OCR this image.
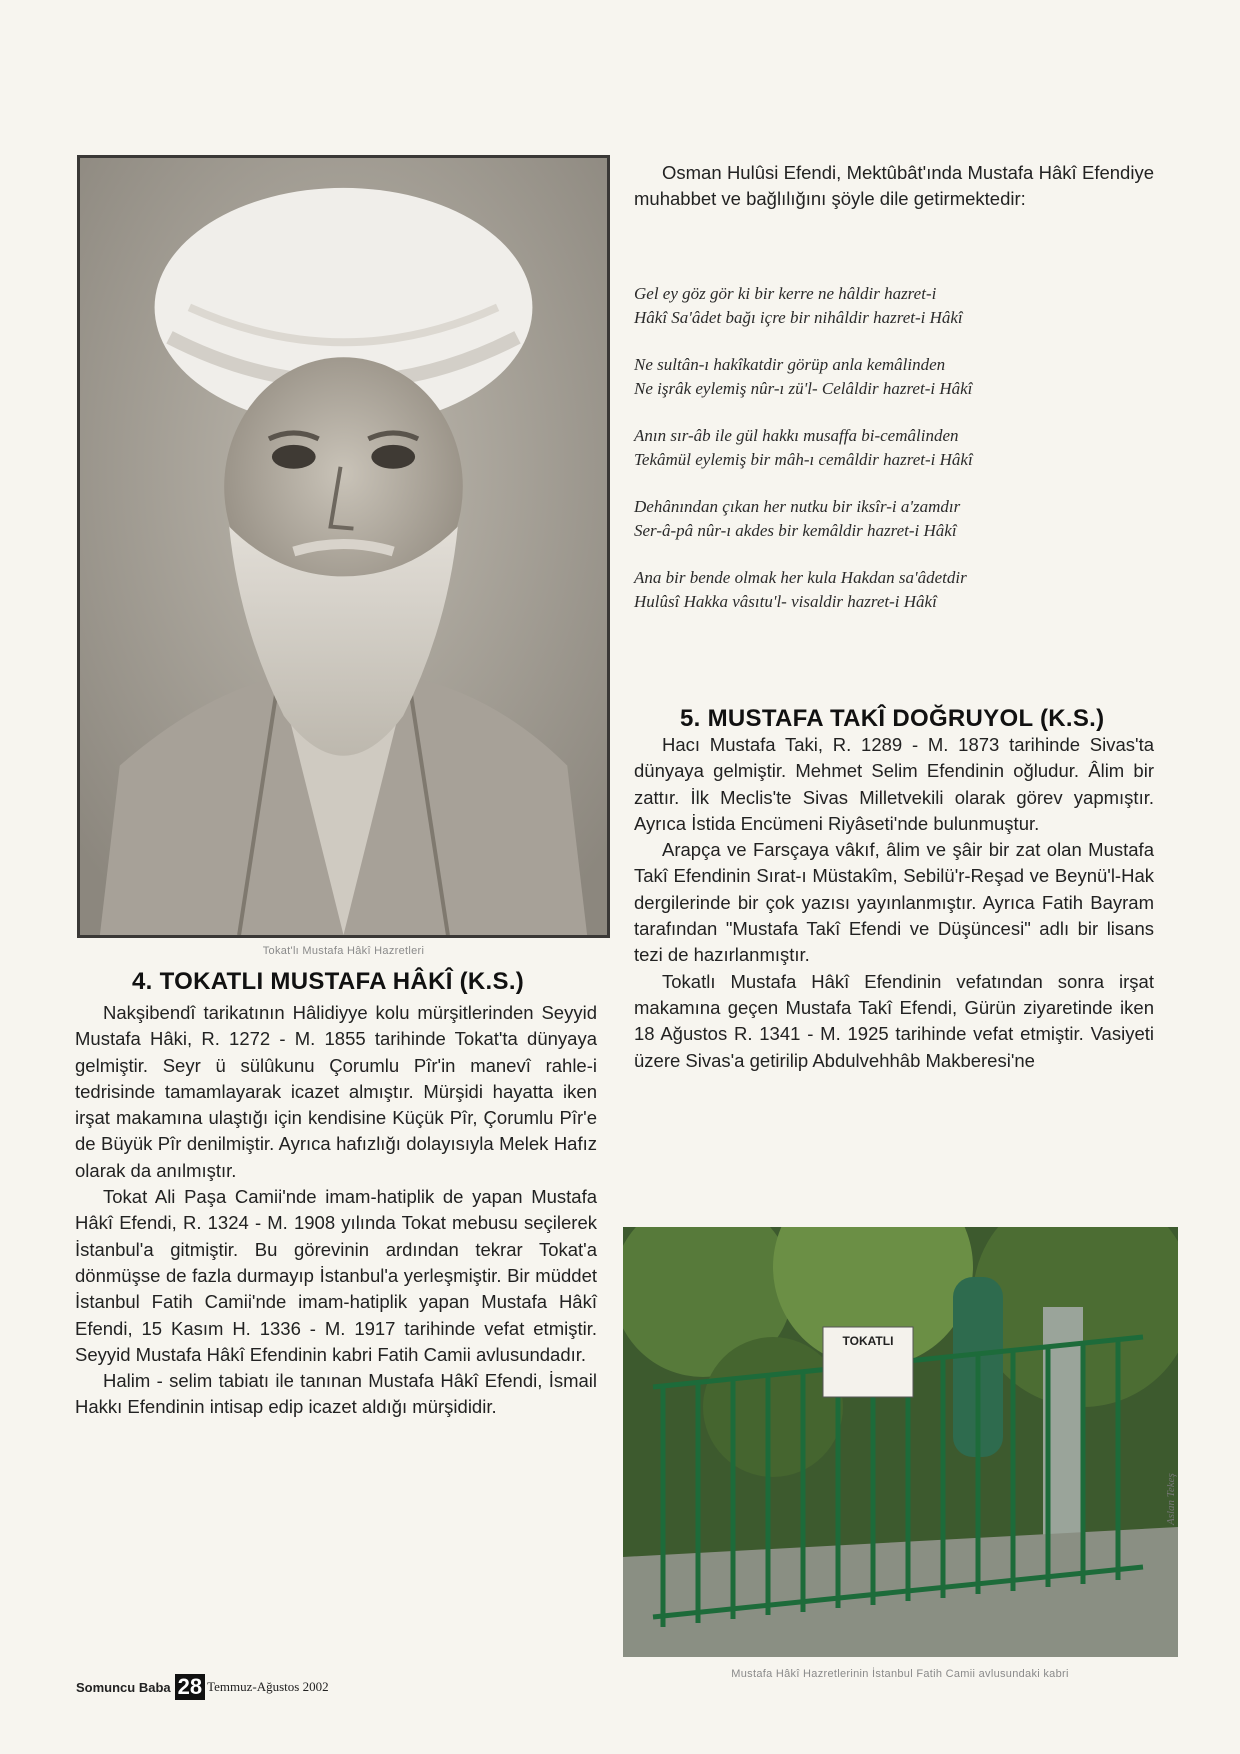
Tokat'lı Mustafa Hâkî Hazretleri
4. TOKATLI MUSTAFA HÂKÎ (K.S.)

Nakşibendî tarikatının Hâlidiyye kolu mürşitlerinden Seyyid Mustafa Hâki, R. 1272 - M. 1855 tarihinde Tokat'ta dünyaya gelmiştir. Seyr ü sülûkunu Çorumlu Pîr'in manevî rahle-i tedrisinde tamamlayarak icazet almıştır. Mürşidi hayatta iken irşat makamına ulaştığı için kendisine Küçük Pîr, Çorumlu Pîr'e de Büyük Pîr denilmiştir. Ayrıca hafızlığı dolayısıyla Melek Hafız olarak da anılmıştır.

Tokat Ali Paşa Camii'nde imam-hatiplik de yapan Mustafa Hâkî Efendi, R. 1324 - M. 1908 yılında Tokat mebusu seçilerek İstanbul'a gitmiştir. Bu görevinin ardından tekrar Tokat'a dönmüşse de fazla durmayıp İstanbul'a yerleşmiştir. Bir müddet İstanbul Fatih Camii'nde imam-hatiplik yapan Mustafa Hâkî Efendi, 15 Kasım H. 1336 - M. 1917 tarihinde vefat etmiştir. Seyyid Mustafa Hâkî Efendinin kabri Fatih Camii avlusundadır.

Halim - selim tabiatı ile tanınan Mustafa Hâkî Efendi, İsmail Hakkı Efendinin intisap edip icazet aldığı mürşididir.

Osman Hulûsi Efendi, Mektûbât'ında Mustafa Hâkî Efendiye muhabbet ve bağlılığını şöyle dile getirmektedir:

Gel ey göz gör ki bir kerre ne hâldir hazret-i

Hâkî Sa'âdet bağı içre bir nihâldir hazret-i Hâkî

Ne sultân-ı hakîkatdir görüp anla kemâlinden

Ne işrâk eylemiş nûr-ı zü'l- Celâldir hazret-i Hâkî

Anın sır-âb ile gül hakkı musaffa bi-cemâlinden

Tekâmül eylemiş bir mâh-ı cemâldir hazret-i Hâkî

Dehânından çıkan her nutku bir iksîr-i a'zamdır

Ser-â-pâ nûr-ı akdes bir kemâldir hazret-i Hâkî

Ana bir bende olmak her kula Hakdan sa'âdetdir

Hulûsî Hakka vâsıtu'l- visaldir hazret-i Hâkî

5. MUSTAFA TAKÎ DOĞRUYOL (K.S.)

Hacı Mustafa Taki, R. 1289 - M. 1873 tarihinde Sivas'ta dünyaya gelmiştir. Mehmet Selim Efendinin oğludur. Âlim bir zattır. İlk Meclis'te Sivas Milletvekili olarak görev yapmıştır. Ayrıca İstida Encümeni Riyâseti'nde bulunmuştur.

Arapça ve Farsçaya vâkıf, âlim ve şâir bir zat olan Mustafa Takî Efendinin Sırat-ı Müstakîm, Sebilü'r-Reşad ve Beynü'l-Hak dergilerinde bir çok yazısı yayınlanmıştır. Ayrıca Fatih Bayram tarafından "Mustafa Takî Efendi ve Düşüncesi" adlı bir lisans tezi de hazırlanmıştır.

Tokatlı Mustafa Hâkî Efendinin vefatından sonra irşat makamına geçen Mustafa Takî Efendi, Gürün ziyaretinde iken 18 Ağustos R. 1341 - M. 1925 tarihinde vefat etmiştir. Vasiyeti üzere Sivas'a getirilip Abdulvehhâb Makberesi'ne

TOKATLI
Aslan Tekeş
Mustafa Hâkî Hazretlerinin İstanbul Fatih Camii avlusundaki kabri
Somuncu Baba 28 Temmuz-Ağustos 2002
